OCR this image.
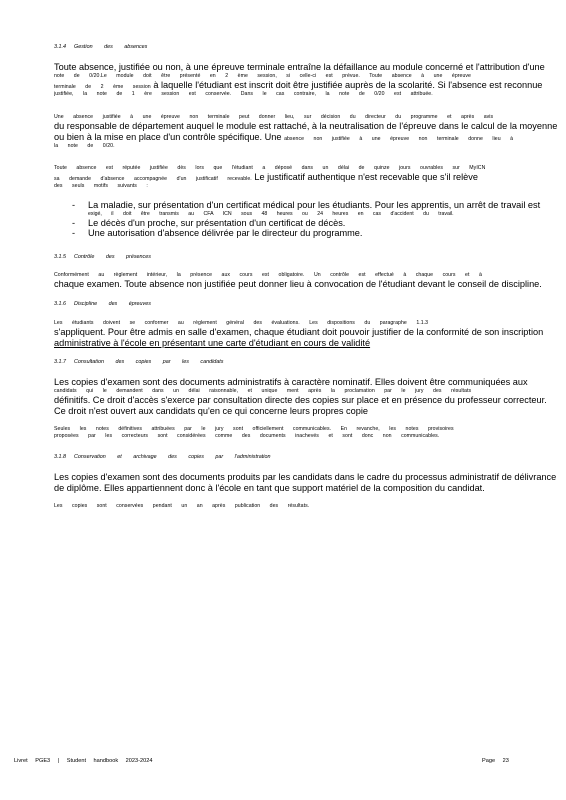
3.1.4 Gestion des absences
Toute absence, justifiée ou non, à une épreuve terminale entraîne la défaillance au module concerné et l'attribution d'une
note de 0/20.Le module doit être présenté en 2 ème session, si celle-ci est prévue. Toute absence à une épreuve
terminale de 2 ème session à laquelle l'étudiant est inscrit doit être justifiée auprès de la scolarité. Si l'absence est reconnue
justifiée, la note de 1 ère session est conservée. Dans le cas contraire, la note de 0/20 est attribuée.
Une absence justifiée à une épreuve non terminale peut donner lieu, sur décision du directeur du programme et après avis
du responsable de département auquel le module est rattaché, à la neutralisation de l'épreuve dans le calcul de la moyenne
ou bien à la mise en place d'un contrôle spécifique. Une absence non justifiée à une épreuve non terminale donne lieu à
la note de 0/20.
Toute absence est réputée justifiée dès lors que l'étudiant a déposé dans un délai de quinze jours ouvrables sur MyICN
sa demande d'absence accompagnée d'un justificatif recevable. Le justificatif authentique n'est recevable que s'il relève
des seuls motifs suivants :
- La maladie, sur présentation d'un certificat médical pour les étudiants. Pour les apprentis, un arrêt de travail est
exigé, il doit être transmis au CFA ICN sous 48 heures ou 24 heures en cas d'accident du travail.
- Le décès d'un proche, sur présentation d'un certificat de décès.
- Une autorisation d'absence délivrée par le directeur du programme.
3.1.5 Contrôle des présences
Conformément au règlement intérieur, la présence aux cours est obligatoire. Un contrôle est effectué à chaque cours et à
chaque examen. Toute absence non justifiée peut donner lieu à convocation de l'étudiant devant le conseil de discipline.
3.1.6 Discipline des épreuves
Les étudiants doivent se conformer au règlement général des évaluations. Les dispositions du paragraphe 1.1.3
s'appliquent. Pour être admis en salle d'examen, chaque étudiant doit pouvoir justifier de la conformité de son inscription
administrative à l'école en présentant une carte d'étudiant en cours de validité
3.1.7 Consultation des copies par les candidats
Les copies d'examen sont des documents administratifs à caractère nominatif. Elles doivent être communiquées aux
candidats qui le demandent dans un délai raisonnable, et unique ment après la proclamation par le jury des résultats
définitifs. Ce droit d'accès s'exerce par consultation directe des copies sur place et en présence du professeur correcteur.
Ce droit n'est ouvert aux candidats qu'en ce qui concerne leurs propres copie
Seules les notes définitives attribuées par le jury sont officiellement communicables. En revanche, les notes provisoires
proposées par les correcteurs sont considérées comme des documents inachevés et sont donc non communicables.
3.1.8 Conservation et archivage des copies par l'administration
Les copies d'examen sont des documents produits par les candidats dans le cadre du processus administratif de délivrance
de diplôme. Elles appartiennent donc à l'école en tant que support matériel de la composition du candidat.
Les copies sont conservées pendant un an après publication des résultats.
Livret PGE3 | Student handbook 2023-2024	Page 23
